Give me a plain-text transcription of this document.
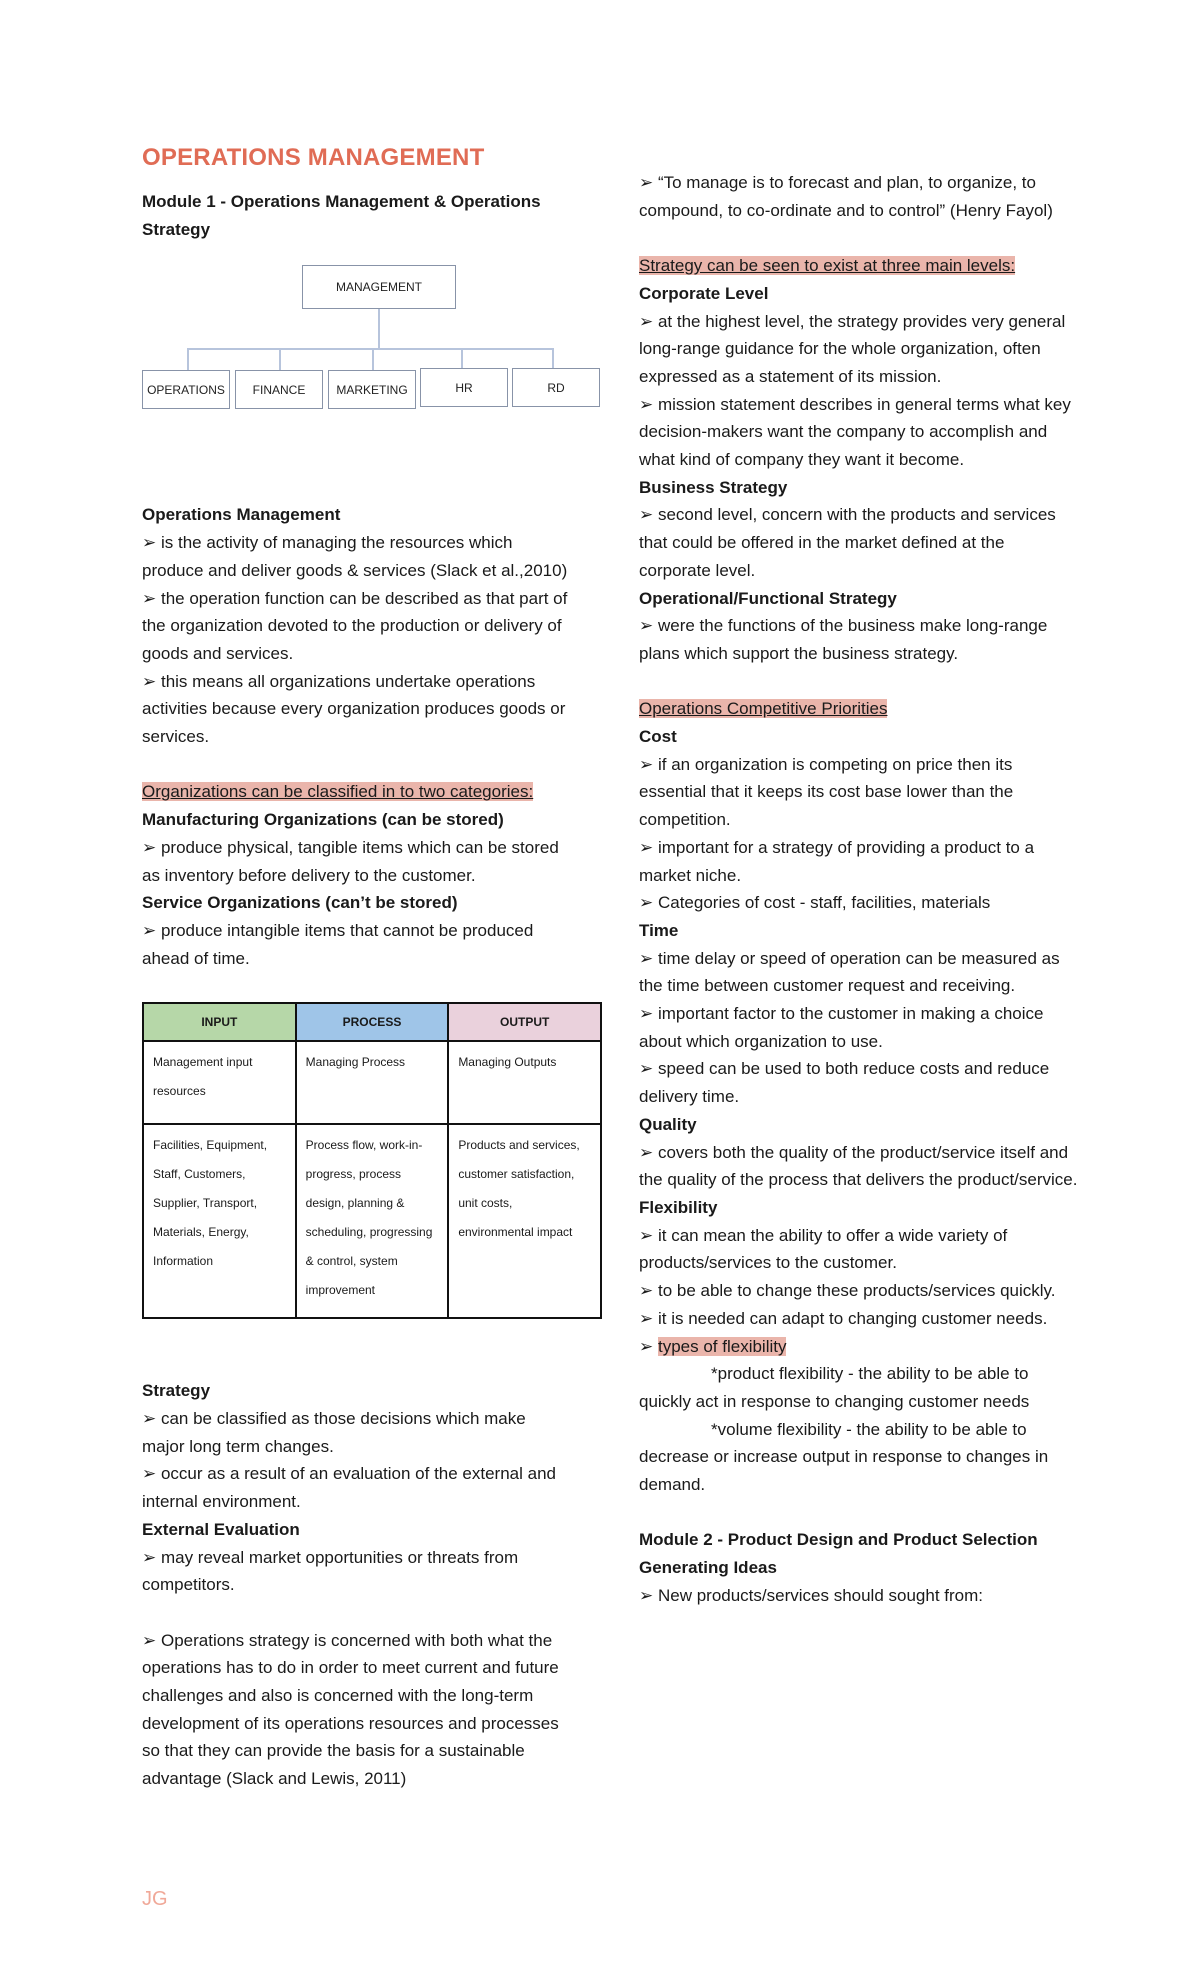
OPERATIONS MANAGEMENT
Module 1 - Operations Management & Operations Strategy
MANAGEMENT
OPERATIONS	FINANCE	MARKETING	HR	RD
Operations Management
➢ is the activity of managing the resources which produce and deliver goods & services (Slack et al.,2010)
➢ the operation function can be described as that part of the organization devoted to the production or delivery of goods and services.
➢ this means all organizations undertake operations activities because every organization produces goods or services.
Organizations can be classified in to two categories:
Manufacturing Organizations (can be stored)
➢ produce physical, tangible items which can be stored as inventory before delivery to the customer.
Service Organizations (can’t be stored)
➢ produce intangible items that cannot be produced ahead of time.
INPUT	PROCESS	OUTPUT
Management input resources	Managing Process	Managing Outputs
Facilities, Equipment, Staff, Customers, Supplier, Transport, Materials, Energy, Information	Process flow, work-in-progress, process design, planning & scheduling, progressing & control, system improvement	Products and services, customer satisfaction, unit costs, environmental impact
Strategy
➢ can be classified as those decisions which make major long term changes.
➢ occur as a result of an evaluation of the external and internal environment.
External Evaluation
➢ may reveal market opportunities or threats from competitors.
➢ Operations strategy is concerned with both what the operations has to do in order to meet current and future challenges and also is concerned with the long-term development of its operations resources and processes so that they can provide the basis for a sustainable advantage (Slack and Lewis, 2011)
➢ “To manage is to forecast and plan, to organize, to compound, to co-ordinate and to control” (Henry Fayol)
Strategy can be seen to exist at three main levels:
Corporate Level
➢ at the highest level, the strategy provides very general long-range guidance for the whole organization, often expressed as a statement of its mission.
➢ mission statement describes in general terms what key decision-makers want the company to accomplish and what kind of company they want it become.
Business Strategy
➢ second level, concern with the products and services that could be offered in the market defined at the corporate level.
Operational/Functional Strategy
➢ were the functions of the business make long-range plans which support the business strategy.
Operations Competitive Priorities
Cost
➢ if an organization is competing on price then its essential that it keeps its cost base lower than the competition.
➢ important for a strategy of providing a product to a market niche.
➢ Categories of cost - staff, facilities, materials
Time
➢ time delay or speed of operation can be measured as the time between customer request and receiving.
➢ important factor to the customer in making a choice about which organization to use.
➢ speed can be used to both reduce costs and reduce delivery time.
Quality
➢ covers both the quality of the product/service itself and the quality of the process that delivers the product/service.
Flexibility
➢ it can mean the ability to offer a wide variety of products/services to the customer.
➢ to be able to change these products/services quickly.
➢ it is needed can adapt to changing customer needs.
➢ types of flexibility
*product flexibility - the ability to be able to
quickly act in response to changing customer needs
*volume flexibility - the ability to be able to
decrease or increase output in response to changes in demand.
Module 2 - Product Design and Product Selection
Generating Ideas
➢ New products/services should sought from:
JG
